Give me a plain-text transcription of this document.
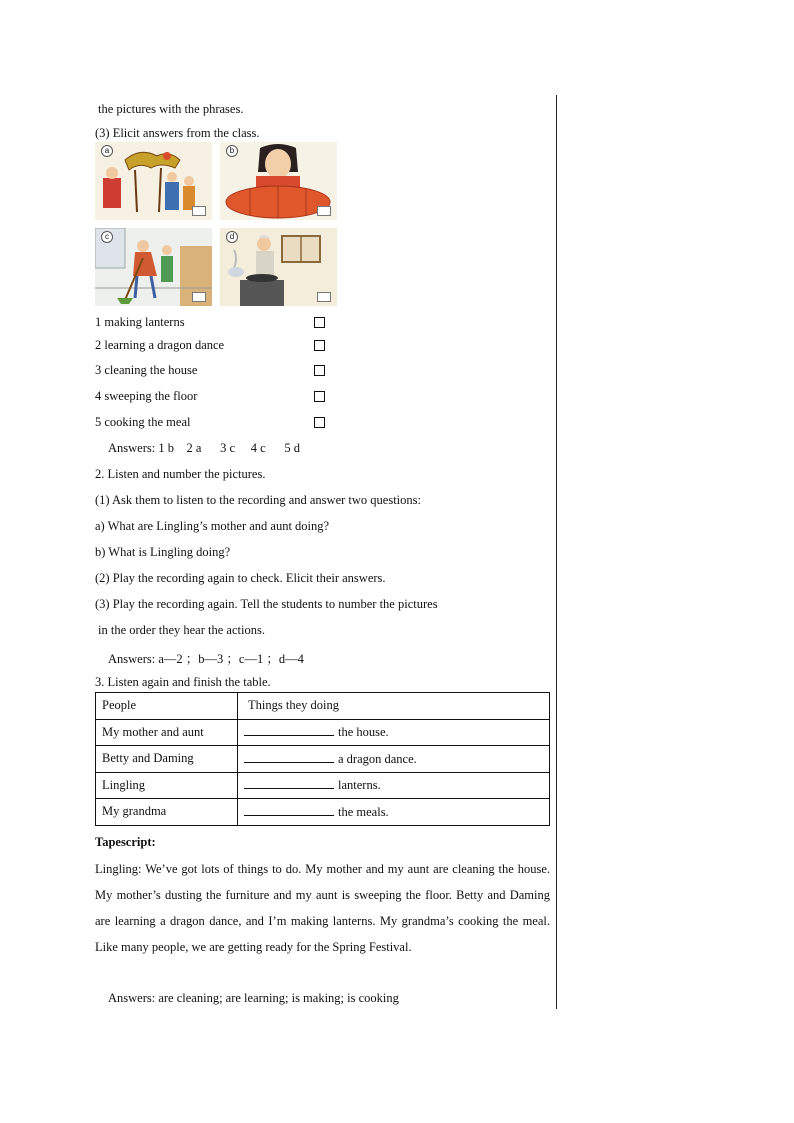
the pictures with the phrases.
(3) Elicit answers from the class.
a	b
c	d
1 making lanterns
2 learning a dragon dance
3 cleaning the house
4 sweeping the floor
5 cooking the meal
Answers: 1 b    2 a      3 c     4 c      5 d
2. Listen and number the pictures.
(1) Ask them to listen to the recording and answer two questions:
a) What are Lingling’s mother and aunt doing?
b) What is Lingling doing?
(2) Play the recording again to check. Elicit their answers.
(3) Play the recording again. Tell the students to number the pictures
in the order they hear the actions.
Answers: a—2 ；b—3 ；c—1 ；d—4
3. Listen again and finish the table.
People	Things they doing
My mother and aunt	the house.
Betty and Daming	a dragon dance.
Lingling	lanterns.
My grandma	the meals.
Tapescript:
Lingling: We’ve got lots of things to do. My mother and my aunt are cleaning the house. My mother’s dusting the furniture and my aunt is sweeping the floor. Betty and Daming are learning a dragon dance, and I’m making lanterns. My grandma’s cooking the meal. Like many people, we are getting ready for the Spring Festival.
Answers: are cleaning; are learning; is making; is cooking
